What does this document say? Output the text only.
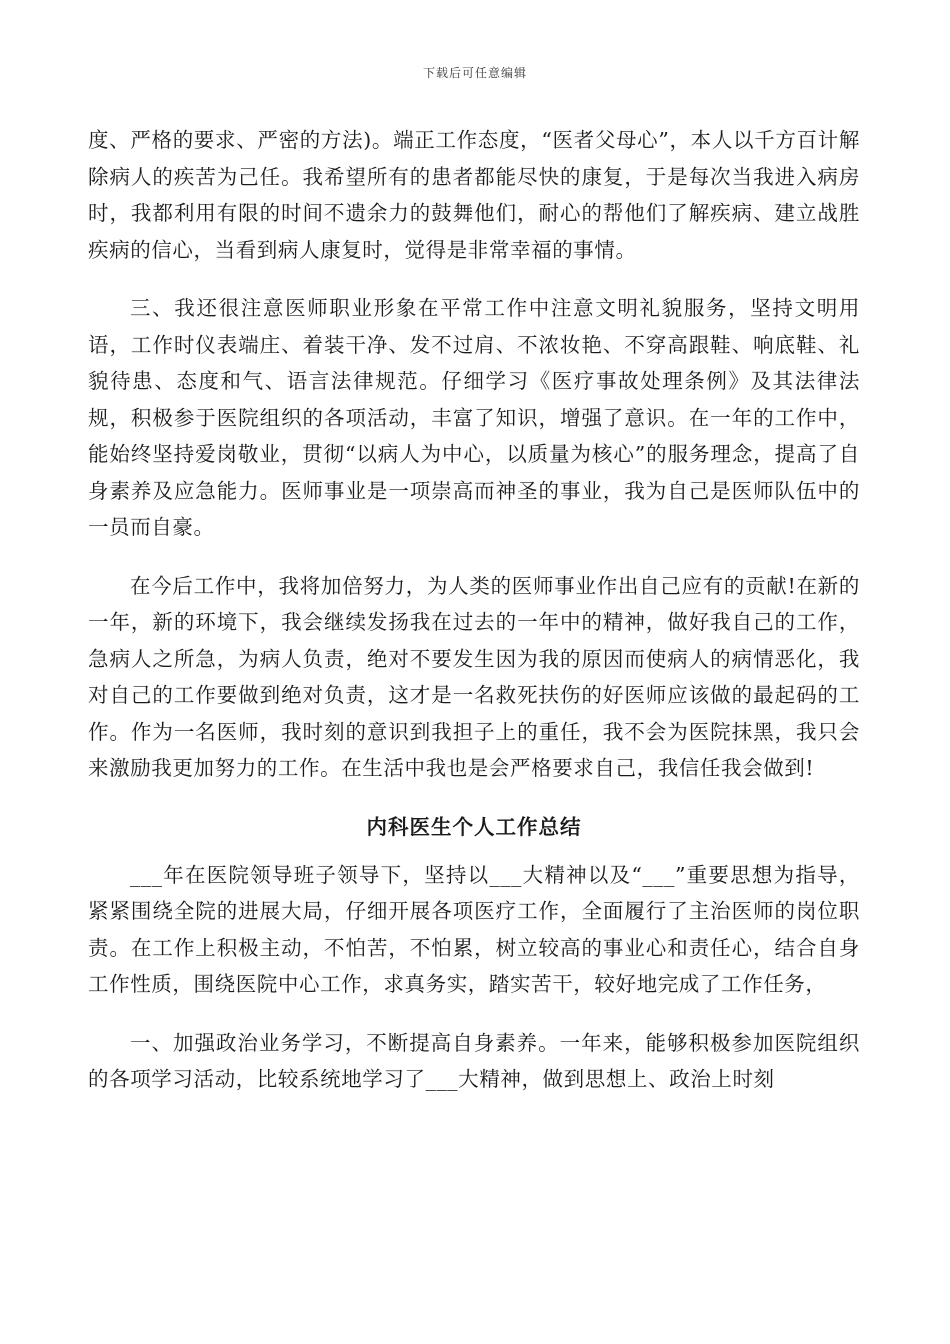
下载后可任意编辑

度、严格的要求、严密的方法)。端正工作态度，“医者父母心”，本人以千方百计解除病人的疾苦为己任。我希望所有的患者都能尽快的康复，于是每次当我进入病房时，我都利用有限的时间不遗余力的鼓舞他们，耐心的帮他们了解疾病、建立战胜疾病的信心，当看到病人康复时，觉得是非常幸福的事情。

三、我还很注意医师职业形象在平常工作中注意文明礼貌服务，坚持文明用语，工作时仪表端庄、着装干净、发不过肩、不浓妆艳、不穿高跟鞋、响底鞋、礼貌待患、态度和气、语言法律规范。仔细学习《医疗事故处理条例》及其法律法规，积极参于医院组织的各项活动，丰富了知识，增强了意识。在一年的工作中，能始终坚持爱岗敬业，贯彻“以病人为中心，以质量为核心”的服务理念，提高了自身素养及应急能力。医师事业是一项崇高而神圣的事业，我为自己是医师队伍中的一员而自豪。

在今后工作中，我将加倍努力，为人类的医师事业作出自己应有的贡献!在新的一年，新的环境下，我会继续发扬我在过去的一年中的精神，做好我自己的工作，急病人之所急，为病人负责，绝对不要发生因为我的原因而使病人的病情恶化，我对自己的工作要做到绝对负责，这才是一名救死扶伤的好医师应该做的最起码的工作。作为一名医师，我时刻的意识到我担子上的重任，我不会为医院抹黑，我只会来激励我更加努力的工作。在生活中我也是会严格要求自己，我信任我会做到!

内科医生个人工作总结

___年在医院领导班子领导下，坚持以___大精神以及“___”重要思想为指导，紧紧围绕全院的进展大局，仔细开展各项医疗工作，全面履行了主治医师的岗位职责。在工作上积极主动，不怕苦，不怕累，树立较高的事业心和责任心，结合自身工作性质，围绕医院中心工作，求真务实，踏实苦干，较好地完成了工作任务，

一、加强政治业务学习，不断提高自身素养。一年来，能够积极参加医院组织的各项学习活动，比较系统地学习了___大精神，做到思想上、政治上时刻
